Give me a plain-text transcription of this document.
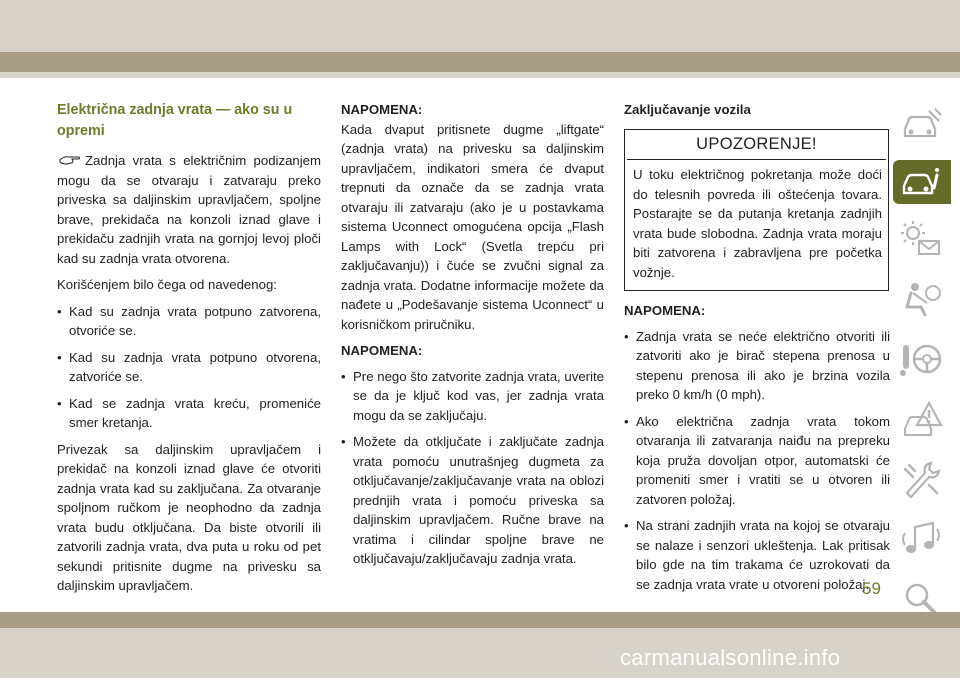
Električna zadnja vrata — ako su u opremi

Zadnja vrata s električnim podizanjem mogu da se otvaraju i zatvaraju preko priveska sa daljinskim upravljačem, spoljne brave, prekidača na konzoli iznad glave i prekidaču zadnjih vrata na gornjoj levoj ploči kad su zadnja vrata otvorena.

Korišćenjem bilo čega od navedenog:

• Kad su zadnja vrata potpuno zatvorena, otvoriće se.
• Kad su zadnja vrata potpuno otvorena, zatvoriće se.
• Kad se zadnja vrata kreću, promeniće smer kretanja.

Privezak sa daljinskim upravljačem i prekidač na konzoli iznad glave će otvoriti zadnja vrata kad su zaključana. Za otvaranje spoljnom ručkom je neophodno da zadnja vrata budu otključana. Da biste otvorili ili zatvorili zadnja vrata, dva puta u roku od pet sekundi pritisnite dugme na privesku sa daljinskim upravljačem.

NAPOMENA:

Kada dvaput pritisnete dugme „liftgate“ (zadnja vrata) na privesku sa daljinskim upravljačem, indikatori smera će dvaput trepnuti da označe da se zadnja vrata otvaraju ili zatvaraju (ako je u postavkama sistema Uconnect omogućena opcija „Flash Lamps with Lock“ (Svetla trepću pri zaključavanju)) i čuće se zvučni signal za zadnja vrata. Dodatne informacije možete da nađete u „Podešavanje sistema Uconnect“ u korisničkom priručniku.

NAPOMENA:
• Pre nego što zatvorite zadnja vrata, uverite se da je ključ kod vas, jer zadnja vrata mogu da se zaključaju.
• Možete da otključate i zaključate zadnja vrata pomoću unutrašnjeg dugmeta za otključavanje/zaključavanje vrata na oblozi prednjih vrata i pomoću priveska sa daljinskim upravljačem. Ručne brave na vratima i cilindar spoljne brave ne otključavaju/zaključavaju zadnja vrata.
Zaključavanje vozila
UPOZORENJE!
U toku električnog pokretanja može doći do telesnih povreda ili oštećenja tovara. Postarajte se da putanja kretanja zadnjih vrata bude slobodna. Zadnja vrata moraju biti zatvorena i zabravljena pre početka vožnje.
NAPOMENA:
• Zadnja vrata se neće električno otvoriti ili zatvoriti ako je birač stepena prenosa u stepenu prenosa ili ako je brzina vozila preko 0 km/h (0 mph).
• Ako električna zadnja vrata tokom otvaranja ili zatvaranja naiđu na prepreku koja pruža dovoljan otpor, automatski će promeniti smer i vratiti se u otvoren ili zatvoren položaj.
• Na strani zadnjih vrata na kojoj se otvaraju se nalaze i senzori ukleštenja. Lak pritisak bilo gde na tim trakama će uzrokovati da se zadnja vrata vrate u otvoreni položaj.
59
carmanualsonline.info
